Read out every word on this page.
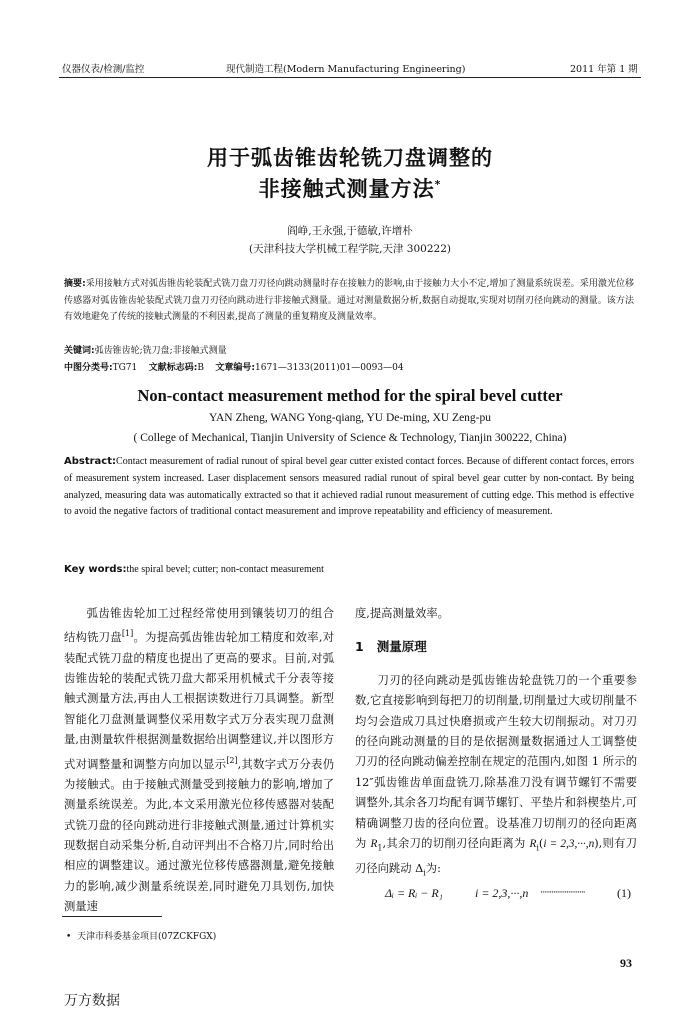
仪器仪表/检测/监控	现代制造工程(Modern Manufacturing Engineering)	2011 年第 1 期
用于弧齿锥齿轮铣刀盘调整的
非接触式测量方法*
阎峥,王永强,于德敏,许增朴
(天津科技大学机械工程学院,天津 300222)
摘要:采用接触方式对弧齿锥齿轮装配式铣刀盘刀刃径向跳动测量时存在接触力的影响,由于接触力大小不定,增加了测量系统误差。采用激光位移传感器对弧齿锥齿轮装配式铣刀盘刀刃径向跳动进行非接触式测量。通过对测量数据分析,数据自动提取,实现对切削刃径向跳动的测量。该方法有效地避免了传统的接触式测量的不利因素,提高了测量的重复精度及测量效率。
关键词:弧齿锥齿轮;铣刀盘;非接触式测量
中图分类号:TG71 文献标志码:B 文章编号:1671—3133(2011)01—0093—04
Non-contact measurement method for the spiral bevel cutter
YAN Zheng, WANG Yong-qiang, YU De-ming, XU Zeng-pu
( College of Mechanical, Tianjin University of Science & Technology, Tianjin 300222, China)
Abstract:Contact measurement of radial runout of spiral bevel gear cutter existed contact forces. Because of different contact forces, errors of measurement system increased. Laser displacement sensors measured radial runout of spiral bevel gear cutter by non-contact. By being analyzed, measuring data was automatically extracted so that it achieved radial runout measurement of cutting edge. This method is effective to avoid the negative factors of traditional contact measurement and improve repeatability and efficiency of measurement.
Key words:the spiral bevel; cutter; non-contact measurement

弧齿锥齿轮加工过程经常使用到镶装切刀的组合结构铣刀盘[1]。为提高弧齿锥齿轮加工精度和效率,对装配式铣刀盘的精度也提出了更高的要求。目前,对弧齿锥齿轮的装配式铣刀盘大都采用机械式千分表等接触式测量方法,再由人工根据读数进行刀具调整。新型智能化刀盘测量调整仪采用数字式万分表实现刀盘测量,由测量软件根据测量数据给出调整建议,并以图形方式对调整量和调整方向加以显示[2],其数字式万分表仍为接触式。由于接触式测量受到接触力的影响,增加了测量系统误差。为此,本文采用激光位移传感器对装配式铣刀盘的径向跳动进行非接触式测量,通过计算机实现数据自动采集分析,自动评判出不合格刀片,同时给出相应的调整建议。通过激光位移传感器测量,避免接触力的影响,减少测量系统误差,同时避免刀具划伤,加快测量速

度,提高测量效率。
1 测量原理

刀刃的径向跳动是弧齿锥齿轮盘铣刀的一个重要参数,它直接影响到每把刀的切削量,切削量过大或切削量不均匀会造成刀具过快磨损或产生较大切削振动。对刀刃的径向跳动测量的目的是依据测量数据通过人工调整使刀刃的径向跳动偏差控制在规定的范围内,如图 1 所示的 12″弧齿锥齿单面盘铣刀,除基准刀没有调节螺钉不需要调整外,其余各刀均配有调节螺钉、平垫片和斜楔垫片,可精确调整刀齿的径向位置。设基准刀切削刃的径向距离为 $R_1$,其余刀的切削刃径向距离为 $R_i(i = 2,3,\cdot\cdot\cdot,n)$,则有刀刃径向跳动 $\Delta_i$为:

Δᵢ = Rᵢ − R₁	i = 2,3,···,n ························	(1)
• 天津市科委基金项目(07ZCKFGX)
93
万方数据
